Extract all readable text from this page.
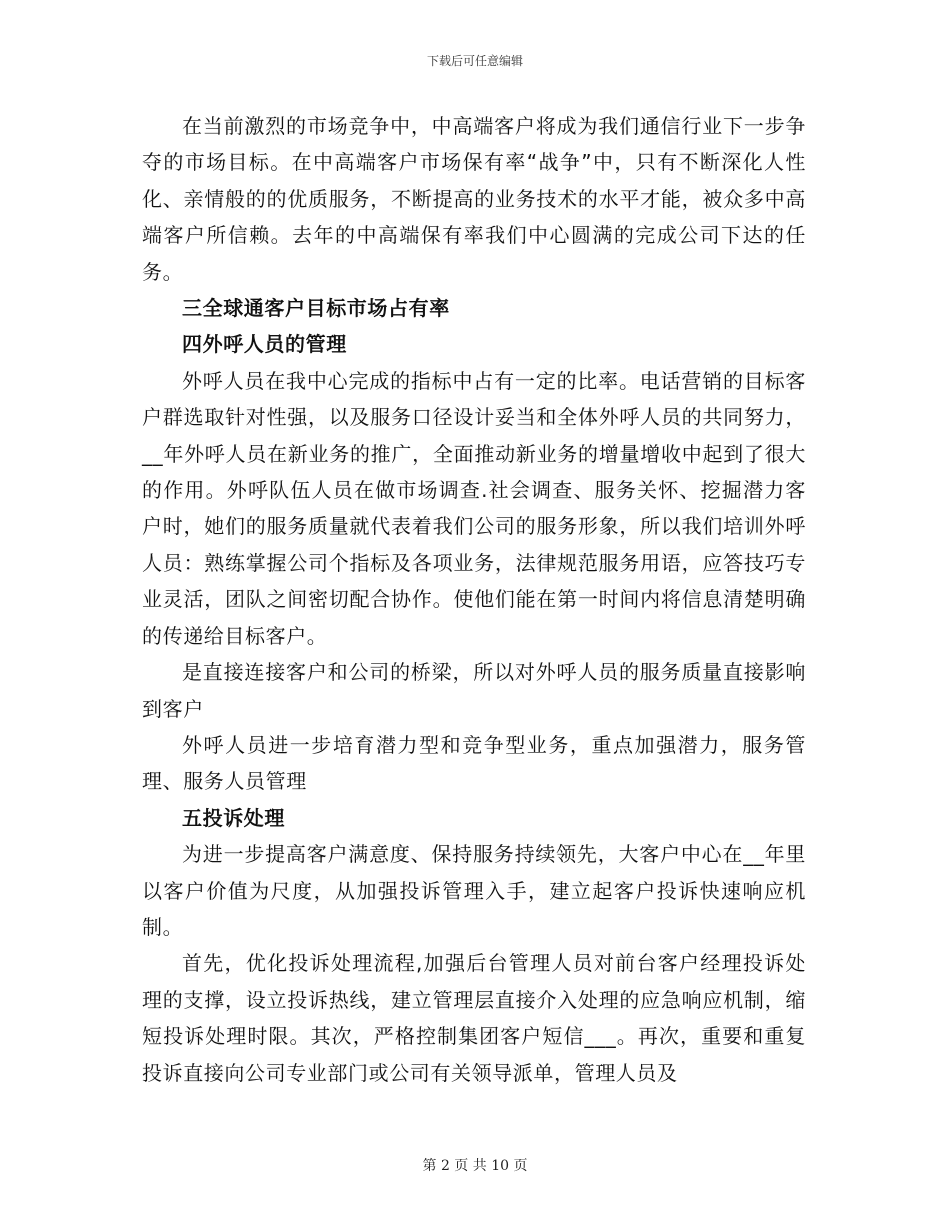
下载后可任意编辑

在当前激烈的市场竞争中，中高端客户将成为我们通信行业下一步争夺的市场目标。在中高端客户市场保有率“战争”中，只有不断深化人性化、亲情般的的优质服务，不断提高的业务技术的水平才能，被众多中高端客户所信赖。去年的中高端保有率我们中心圆满的完成公司下达的任务。

三全球通客户目标市场占有率

四外呼人员的管理

外呼人员在我中心完成的指标中占有一定的比率。电话营销的目标客户群选取针对性强，以及服务口径设计妥当和全体外呼人员的共同努力，__年外呼人员在新业务的推广，全面推动新业务的增量增收中起到了很大的作用。外呼队伍人员在做市场调查.社会调查、服务关怀、挖掘潜力客户时，她们的服务质量就代表着我们公司的服务形象，所以我们培训外呼人员：熟练掌握公司个指标及各项业务，法律规范服务用语，应答技巧专业灵活，团队之间密切配合协作。使他们能在第一时间内将信息清楚明确的传递给目标客户。

是直接连接客户和公司的桥梁，所以对外呼人员的服务质量直接影响到客户

外呼人员进一步培育潜力型和竞争型业务，重点加强潜力，服务管理、服务人员管理

五投诉处理

为进一步提高客户满意度、保持服务持续领先，大客户中心在__年里以客户价值为尺度，从加强投诉管理入手，建立起客户投诉快速响应机制。

首先，优化投诉处理流程,加强后台管理人员对前台客户经理投诉处理的支撑，设立投诉热线，建立管理层直接介入处理的应急响应机制，缩短投诉处理时限。其次，严格控制集团客户短信___。再次，重要和重复投诉直接向公司专业部门或公司有关领导派单，管理人员及

第 2 页 共 10 页
